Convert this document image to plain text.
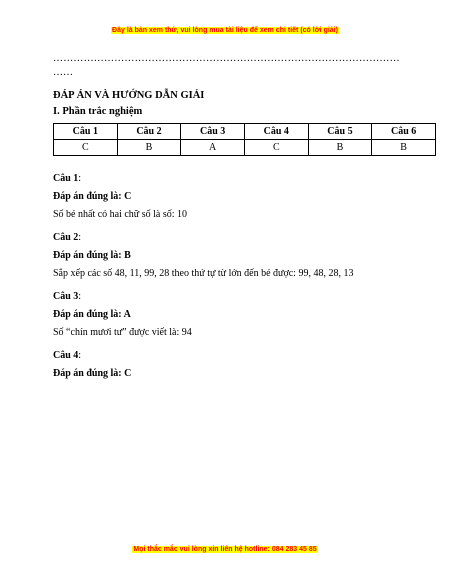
Đây là bản xem thử, vui lòng mua tài liệu để xem chi tiết (có lời giải)
…………………………………………………………………………………………
……
ĐÁP ÁN VÀ HƯỚNG DẪN GIẢI
I. Phần trắc nghiệm
Câu 1	Câu 2	Câu 3	Câu 4	Câu 5	Câu 6
C	B	A	C	B	B
Câu 1:
Đáp án đúng là: C
Số bé nhất có hai chữ số là số: 10
Câu 2:
Đáp án đúng là: B
Sắp xếp các số 48, 11, 99, 28 theo thứ tự từ lớn đến bé được: 99, 48, 28, 13
Câu 3:
Đáp án đúng là: A
Số “chín mươi tư” được viết là: 94
Câu 4:
Đáp án đúng là: C
Mọi thắc mắc vui lòng xin liên hệ hotline: 084 283 45 85
